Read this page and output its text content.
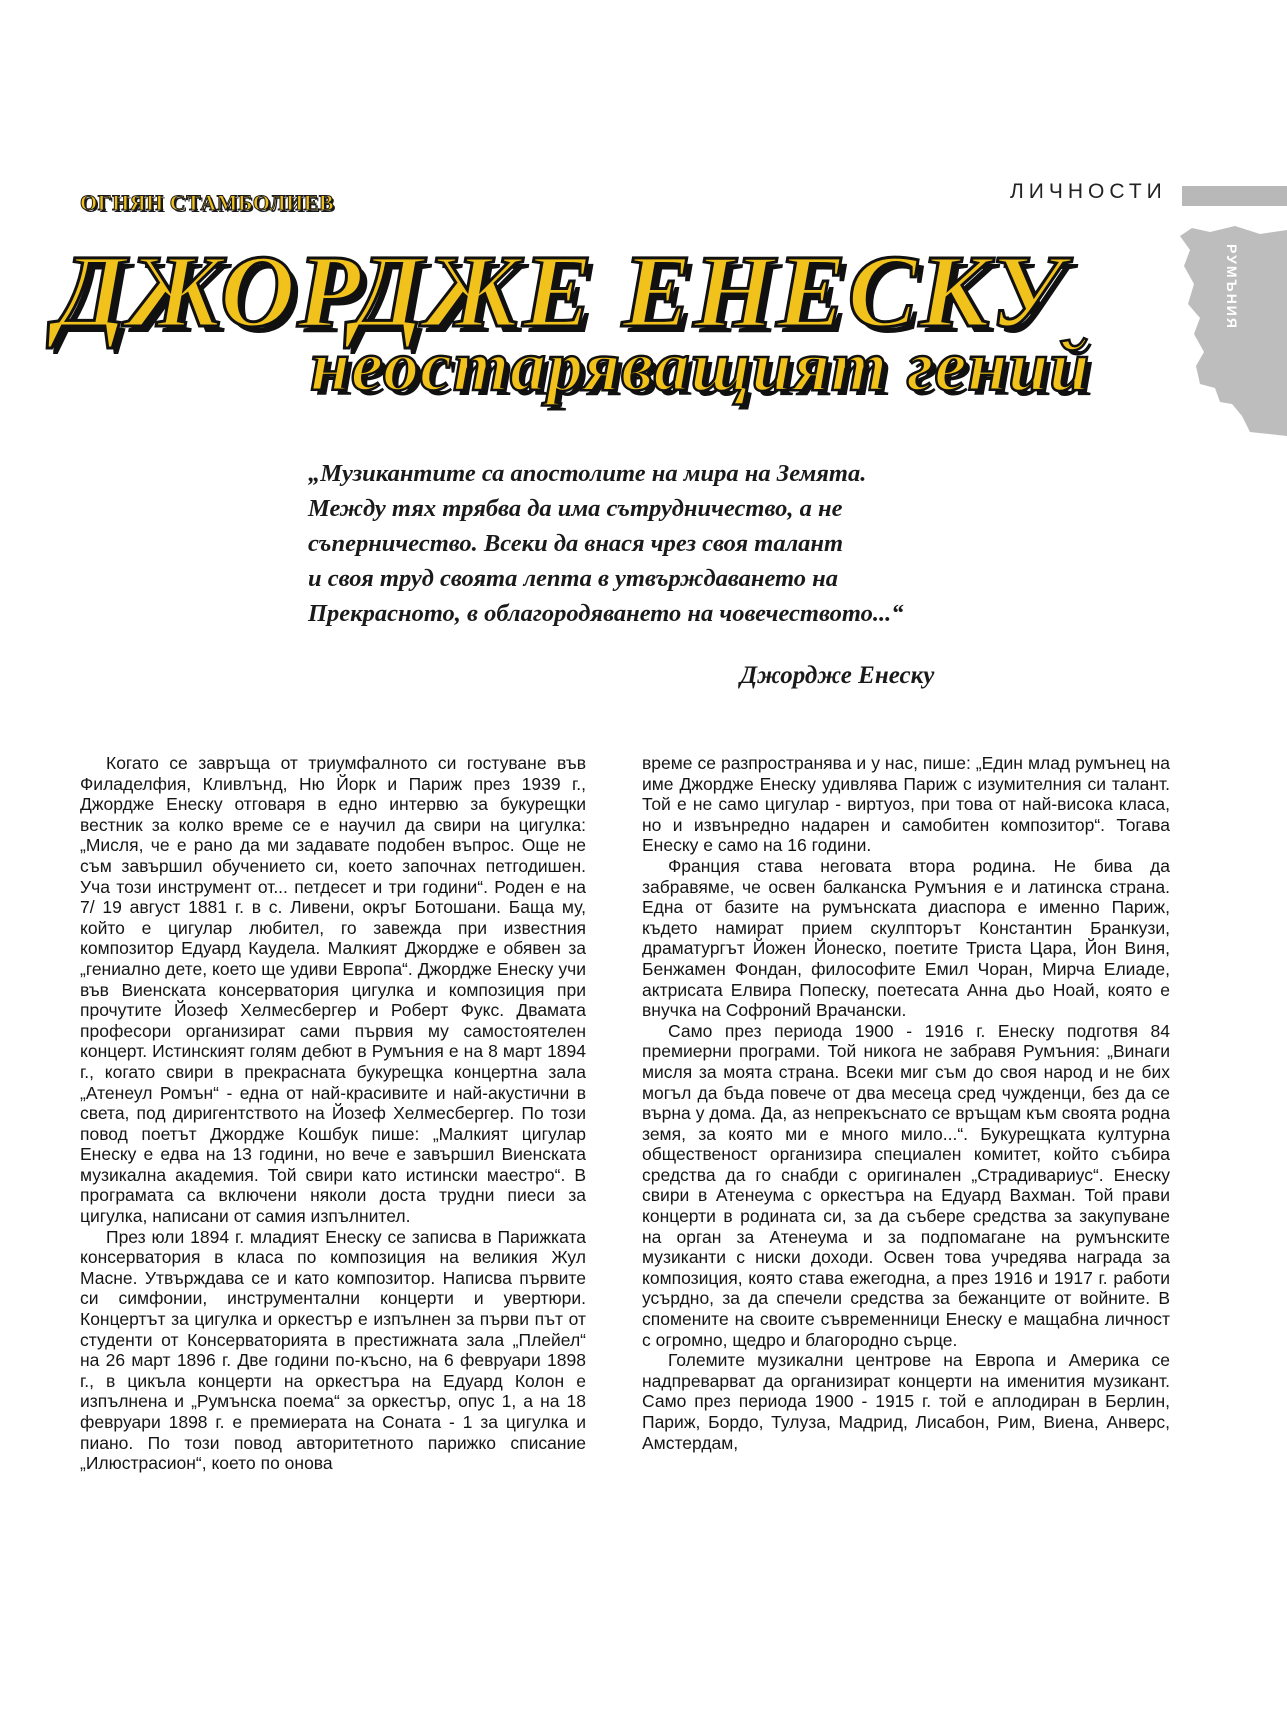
ОГНЯН СТАМБОЛИЕВ	ЛИЧНОСТИ
РУМЪНИЯ
ДЖОРДЖЕ ЕНЕСКУ
неостаряващият гений
„Музикантите са апостолите на мира на Земята.
Между тях трябва да има сътрудничество, а не
съперничество. Всеки да внася чрез своя талант
и своя труд своята лепта в утвърждаването на
Прекрасното, в облагородяването на човечеството...“
Джордже Енеску

Когато се завръща от триумфалното си гостуване във Филаделфия, Кливлънд, Ню Йорк и Париж през 1939 г., Джордже Енеску отговаря в едно интервю за букурещки вестник за колко време се е научил да свири на цигулка: „Мисля, че е рано да ми задавате подобен въпрос. Още не съм завършил обучението си, което започнах петгодишен. Уча този инструмент от... петдесет и три години“. Роден е на 7/ 19 август 1881 г. в с. Ливени, окръг Ботошани. Баща му, който е цигулар любител, го завежда при известния композитор Едуард Каудела. Малкият Джордже е обявен за „гениално дете, което ще удиви Европа“. Джордже Енеску учи във Виенската консерватория цигулка и композиция при прочутите Йозеф Хелмесбергер и Роберт Фукс. Двамата професори организират сами първия му самостоятелен концерт. Истинският голям дебют в Румъния е на 8 март 1894 г., когато свири в прекрасната букурещка концертна зала „Атенеул Ромън“ - една от най-красивите и най-акустични в света, под диригентството на Йозеф Хелмесбергер. По този повод поетът Джордже Кошбук пише: „Малкият цигулар Енеску е едва на 13 години, но вече е завършил Виенската музикална академия. Той свири като истински маестро“. В програмата са включени няколи доста трудни пиеси за цигулка, написани от самия изпълнител.

През юли 1894 г. младият Енеску се записва в Парижката консерватория в класа по композиция на великия Жул Масне. Утвърждава се и като композитор. Написва първите си симфонии, инструментални концерти и увертюри. Концертът за цигулка и оркестър е изпълнен за първи път от студенти от Консерваторията в престижната зала „Плейел“ на 26 март 1896 г. Две години по-късно, на 6 февруари 1898 г., в цикъла концерти на оркестъра на Едуард Колон е изпълнена и „Румънска поема“ за оркестър, опус 1, а на 18 февруари 1898 г. е премиерата на Соната - 1 за цигулка и пиано. По този повод авторитетното парижко списание „Илюстрасион“, което по онова

време се разпространява и у нас, пише: „Един млад румънец на име Джордже Енеску удивлява Париж с изумителния си талант. Той е не само цигулар - виртуоз, при това от най-висока класа, но и извънредно надарен и самобитен композитор“. Тогава Енеску е само на 16 години.

Франция става неговата втора родина. Не бива да забравяме, че освен балканска Румъния е и латинска страна. Една от базите на румънската диаспора е именно Париж, където намират прием скулпторът Константин Бранкузи, драматургът Йожен Йонеско, поетите Триста Цара, Йон Виня, Бенжамен Фондан, философите Емил Чоран, Мирча Елиаде, актрисата Елвира Попеску, поетесата Анна дьо Ноай, която е внучка на Софроний Врачански.

Само през периода 1900 - 1916 г. Енеску подготвя 84 премиерни програми. Той никога не забравя Румъния: „Винаги мисля за моята страна. Всеки миг съм до своя народ и не бих могъл да бъда повече от два месеца сред чужденци, без да се върна у дома. Да, аз непрекъснато се връщам към своята родна земя, за която ми е много мило...“. Букурещката културна общественост организира специален комитет, който събира средства да го снабди с оригинален „Страдивариус“. Енеску свири в Атенеума с оркестъра на Едуард Вахман. Той прави концерти в родината си, за да събере средства за закупуване на орган за Атенеума и за подпомагане на румънските музиканти с ниски доходи. Освен това учредява награда за композиция, която става ежегодна, а през 1916 и 1917 г. работи усърдно, за да спечели средства за бежанците от войните. В спомените на своите съвременници Енеску е мащабна личност с огромно, щедро и благородно сърце.

Големите музикални центрове на Европа и Америка се надпреварват да организират концерти на именития музикант. Само през периода 1900 - 1915 г. той е аплодиран в Берлин, Париж, Бордо, Тулуза, Мадрид, Лисабон, Рим, Виена, Анверс, Амстердам,
